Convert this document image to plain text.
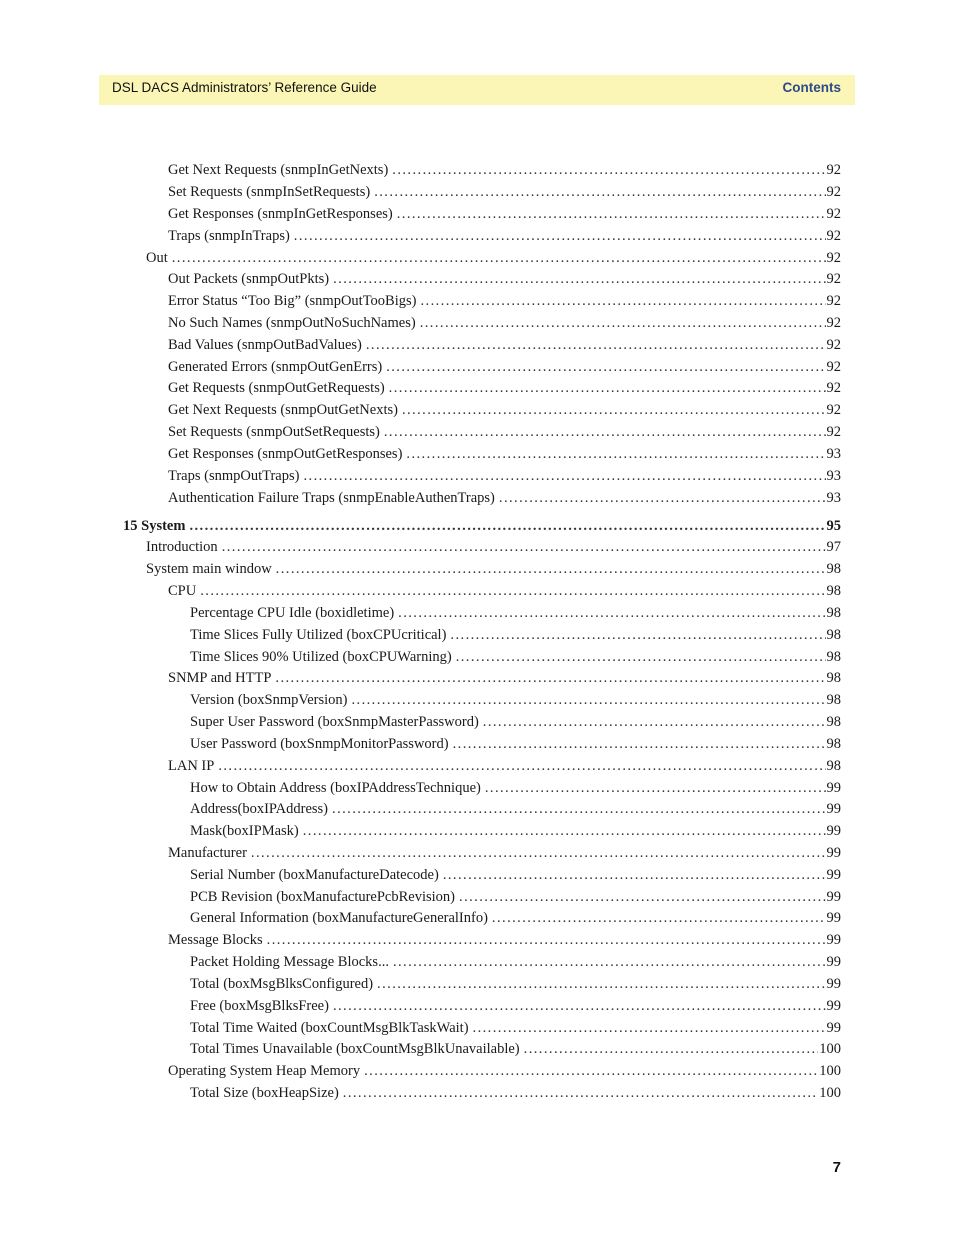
DSL DACS Administrators’ Reference Guide	Contents
Get Next Requests (snmpInGetNexts) . . .	92
Set Requests (snmpInSetRequests) . . .	92
Get Responses (snmpInGetResponses) . . .	92
Traps (snmpInTraps) . . .	92
Out . . .	92
Out Packets (snmpOutPkts) . . .	92
Error Status “Too Big” (snmpOutTooBigs) . . .	92
No Such Names (snmpOutNoSuchNames) . . .	92
Bad Values (snmpOutBadValues) . . .	92
Generated Errors (snmpOutGenErrs) . . .	92
Get Requests (snmpOutGetRequests) . . .	92
Get Next Requests (snmpOutGetNexts) . . .	92
Set Requests (snmpOutSetRequests) . . .	92
Get Responses (snmpOutGetResponses) . . .	93
Traps (snmpOutTraps) . . .	93
Authentication Failure Traps (snmpEnableAuthenTraps) . . .	93
15 System . . .	95
Introduction . . .	97
System main window . . .	98
CPU . . .	98
Percentage CPU Idle (boxidletime) . . .	98
Time Slices Fully Utilized (boxCPUcritical) . . .	98
Time Slices 90% Utilized (boxCPUWarning) . . .	98
SNMP and HTTP . . .	98
Version (boxSnmpVersion) . . .	98
Super User Password (boxSnmpMasterPassword) . . .	98
User Password (boxSnmpMonitorPassword) . . .	98
LAN IP . . .	98
How to Obtain Address (boxIPAddressTechnique) . . .	99
Address(boxIPAddress) . . .	99
Mask(boxIPMask) . . .	99
Manufacturer . . .	99
Serial Number (boxManufactureDatecode) . . .	99
PCB Revision (boxManufacturePcbRevision) . . .	99
General Information (boxManufactureGeneralInfo) . . .	99
Message Blocks . . .	99
Packet Holding Message Blocks... . . .	99
Total (boxMsgBlksConfigured) . . .	99
Free (boxMsgBlksFree) . . .	99
Total Time Waited (boxCountMsgBlkTaskWait) . . .	99
Total Times Unavailable (boxCountMsgBlkUnavailable) . . .	100
Operating System Heap Memory . . .	100
Total Size (boxHeapSize) . . .	100
7
